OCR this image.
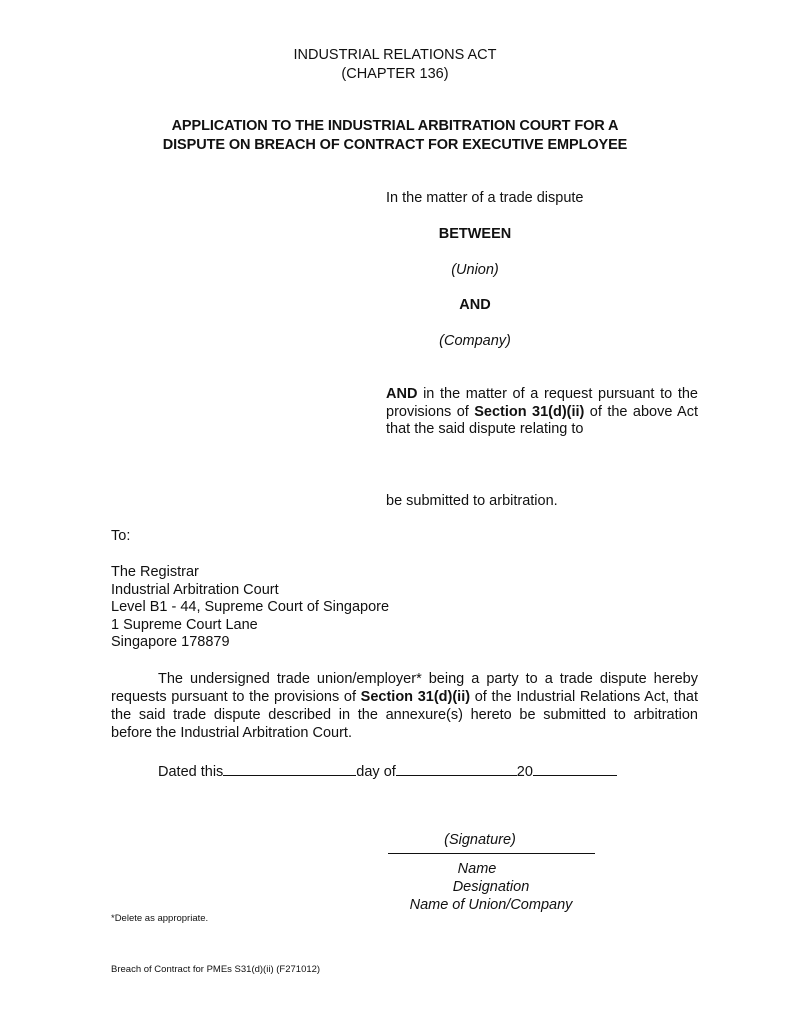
INDUSTRIAL RELATIONS ACT
(CHAPTER 136)
APPLICATION TO THE INDUSTRIAL ARBITRATION COURT FOR A
DISPUTE ON BREACH OF CONTRACT FOR EXECUTIVE EMPLOYEE
In the matter of a trade dispute
BETWEEN
(Union)
AND
(Company)
AND in the matter of a request pursuant to the provisions of Section 31(d)(ii) of the above Act that the said dispute relating to
be submitted to arbitration.
To:
The Registrar
Industrial Arbitration Court
Level B1 - 44, Supreme Court of Singapore
1 Supreme Court Lane
Singapore 178879
The undersigned trade union/employer* being a party to a trade dispute hereby requests pursuant to the provisions of Section 31(d)(ii) of the Industrial Relations Act, that the said trade dispute described in the annexure(s) hereto be submitted to arbitration before the Industrial Arbitration Court.
Dated this	day of	20
(Signature)
Name
Designation
Name of Union/Company
*Delete as appropriate.
Breach of Contract for PMEs S31(d)(ii) (F271012)
